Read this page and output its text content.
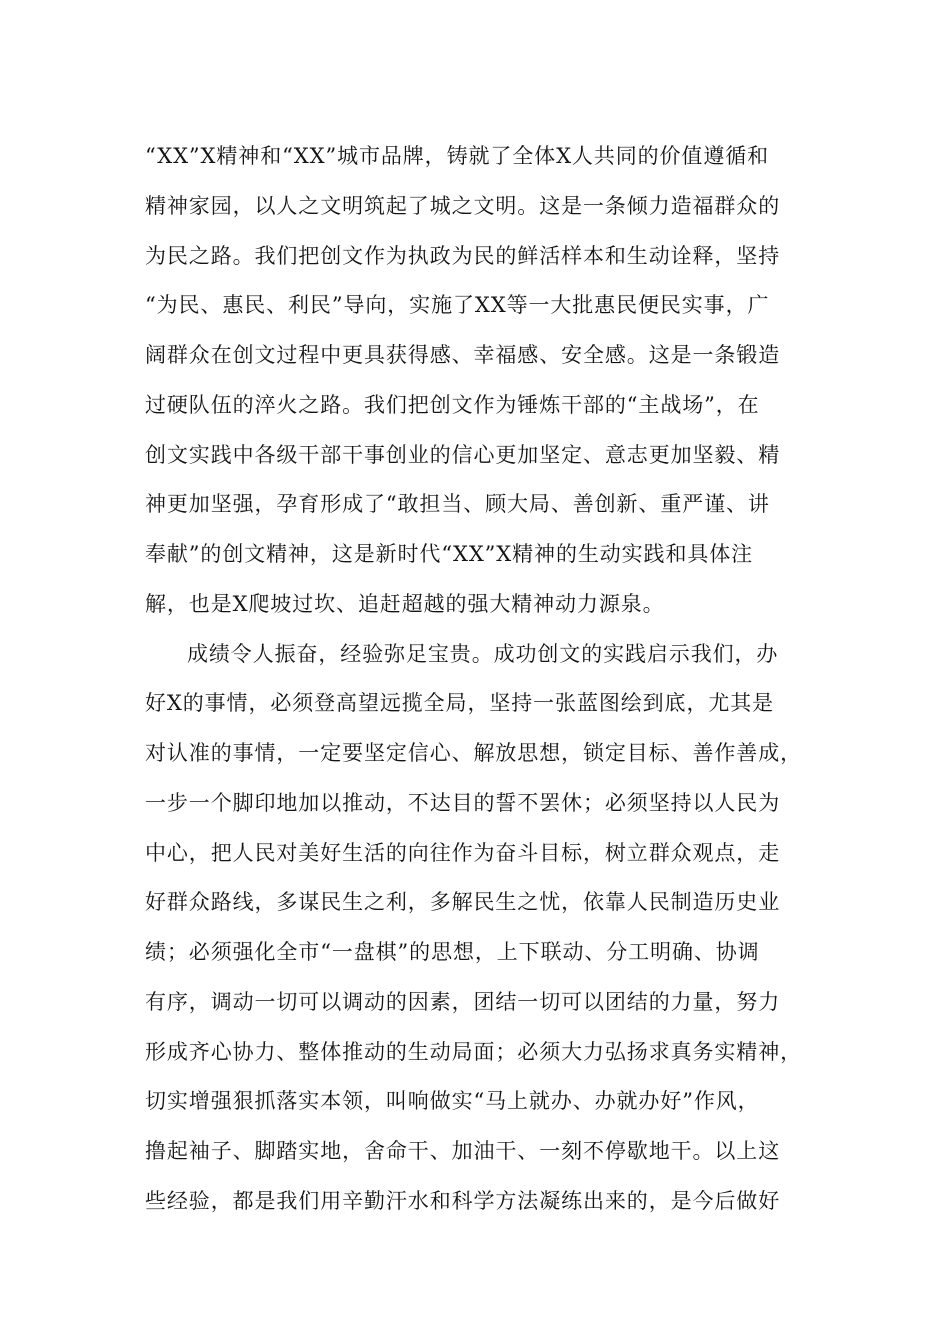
“XX”X精神和“XX”城市品牌，铸就了全体X人共同的价值遵循和
精神家园，以人之文明筑起了城之文明。这是一条倾力造福群众的
为民之路。我们把创文作为执政为民的鲜活样本和生动诠释，坚持
“为民、惠民、利民”导向，实施了XX等一大批惠民便民实事，广
阔群众在创文过程中更具获得感、幸福感、安全感。这是一条锻造
过硬队伍的淬火之路。我们把创文作为锤炼干部的“主战场”，在
创文实践中各级干部干事创业的信心更加坚定、意志更加坚毅、精
神更加坚强，孕育形成了“敢担当、顾大局、善创新、重严谨、讲
奉献”的创文精神，这是新时代“XX”X精神的生动实践和具体注
解，也是X爬坡过坎、追赶超越的强大精神动力源泉。
成绩令人振奋，经验弥足宝贵。成功创文的实践启示我们，办
好X的事情，必须登高望远揽全局，坚持一张蓝图绘到底，尤其是
对认准的事情，一定要坚定信心、解放思想，锁定目标、善作善成，
一步一个脚印地加以推动，不达目的誓不罢休；必须坚持以人民为
中心，把人民对美好生活的向往作为奋斗目标，树立群众观点，走
好群众路线，多谋民生之利，多解民生之忧，依靠人民制造历史业
绩；必须强化全市“一盘棋”的思想，上下联动、分工明确、协调
有序，调动一切可以调动的因素，团结一切可以团结的力量，努力
形成齐心协力、整体推动的生动局面；必须大力弘扬求真务实精神，
切实增强狠抓落实本领，叫响做实“马上就办、办就办好”作风，
撸起袖子、脚踏实地，舍命干、加油干、一刻不停歇地干。以上这
些经验，都是我们用辛勤汗水和科学方法凝练出来的，是今后做好
